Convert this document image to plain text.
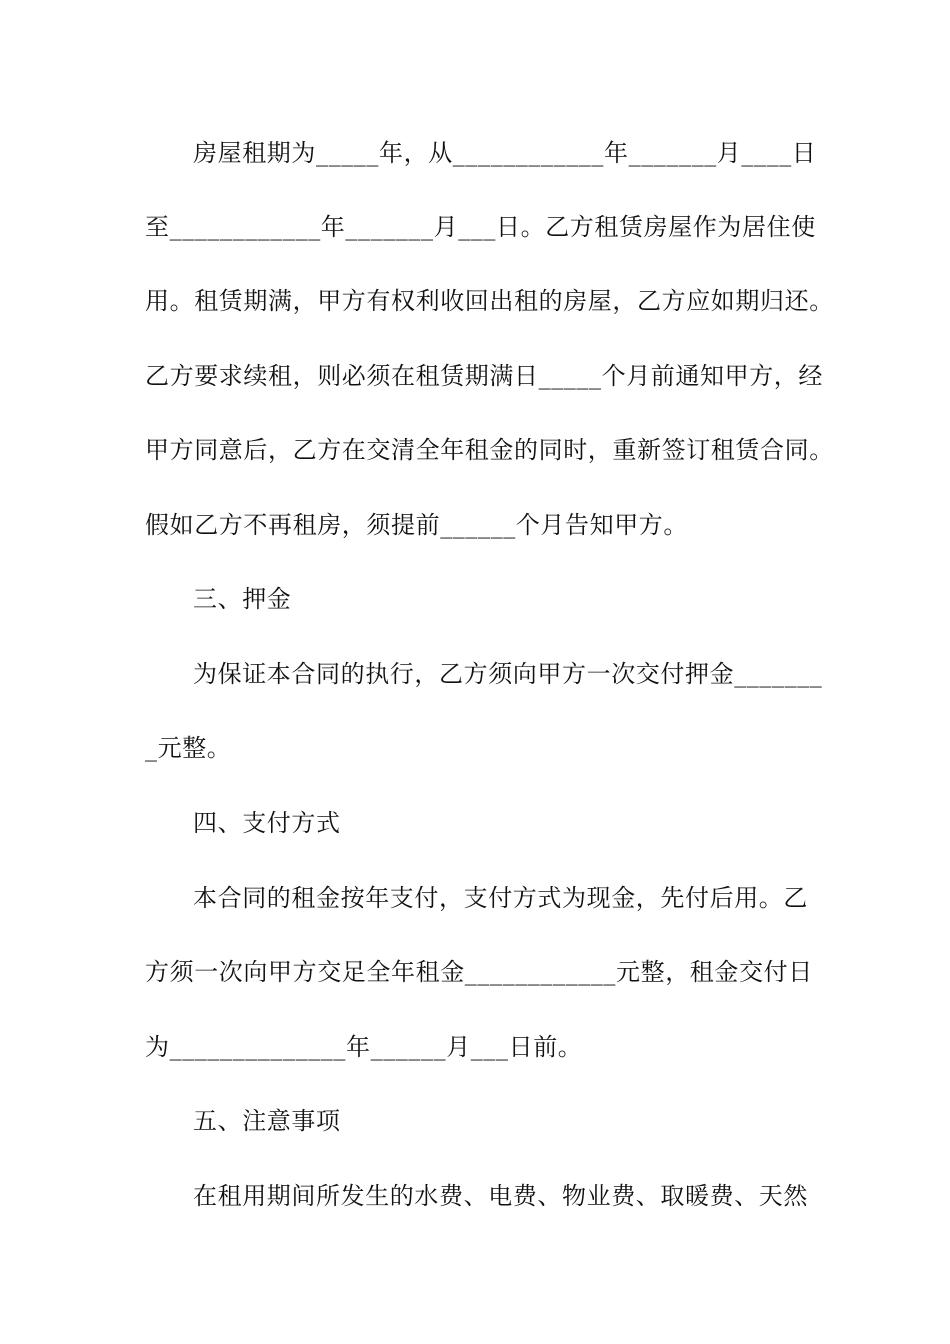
房屋租期为_____年，从____________年_______月____日
至____________年_______月___日。乙方租赁房屋作为居住使
用。租赁期满，甲方有权利收回出租的房屋，乙方应如期归还。
乙方要求续租，则必须在租赁期满日_____个月前通知甲方，经
甲方同意后，乙方在交清全年租金的同时，重新签订租赁合同。
假如乙方不再租房，须提前______个月告知甲方。
三、押金
为保证本合同的执行，乙方须向甲方一次交付押金_______
_元整。
四、支付方式
本合同的租金按年支付，支付方式为现金，先付后用。乙
方须一次向甲方交足全年租金____________元整，租金交付日
为______________年______月___日前。
五、注意事项
在租用期间所发生的水费、电费、物业费、取暖费、天然
